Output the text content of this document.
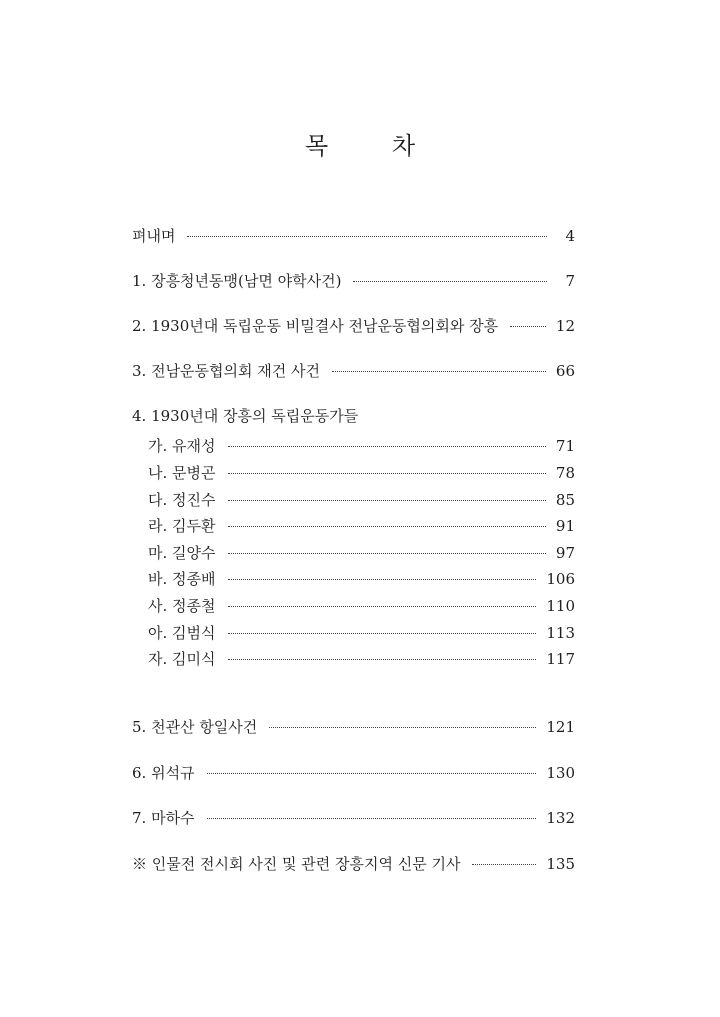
목 차
펴내며	4
1. 장흥청년동맹(남면 야학사건)	7
2. 1930년대 독립운동 비밀결사 전남운동협의회와 장흥	12
3. 전남운동협의회 재건 사건	66
4. 1930년대 장흥의 독립운동가들
가. 유재성	71
나. 문병곤	78
다. 정진수	85
라. 김두환	91
마. 길양수	97
바. 정종배	106
사. 정종철	110
아. 김범식	113
자. 김미식	117
5. 천관산 항일사건	121
6. 위석규	130
7. 마하수	132
※ 인물전 전시회 사진 및 관련 장흥지역 신문 기사	135
